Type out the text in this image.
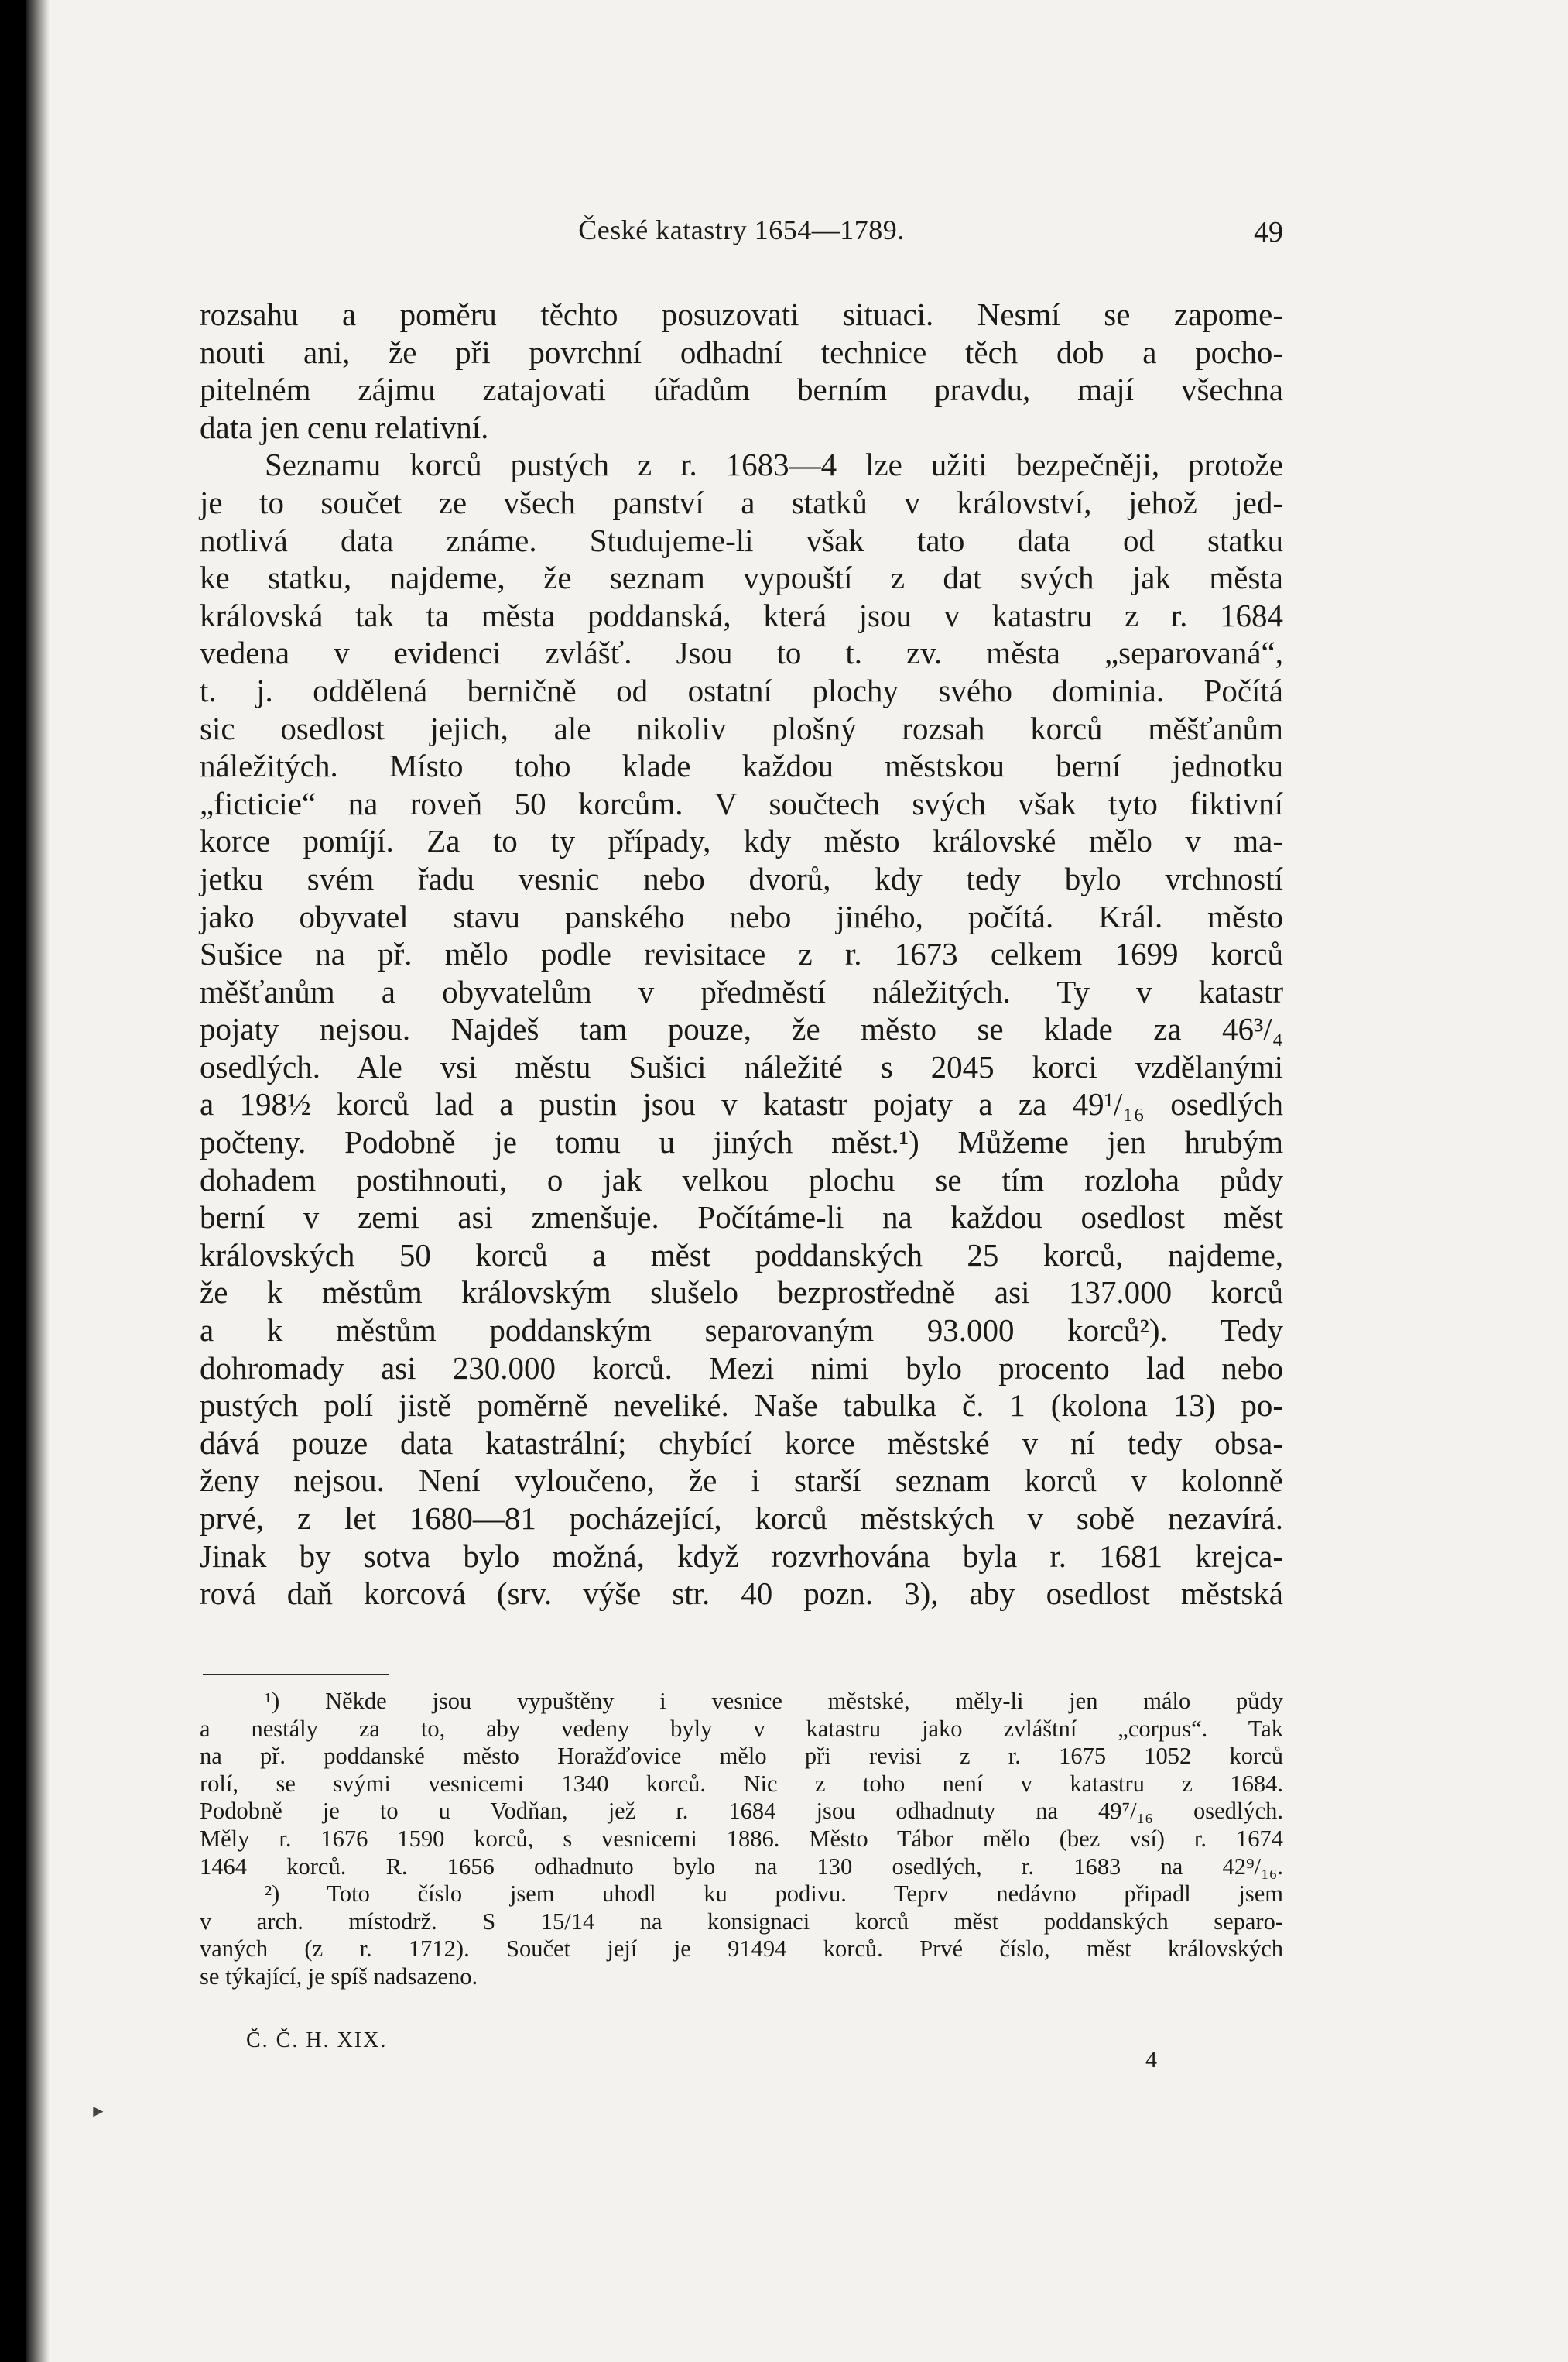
České katastry 1654—1789.	49
rozsahu a poměru těchto posuzovati situaci. Nesmí se zapome-
nouti ani, že při povrchní odhadní technice těch dob a pocho-
pitelném zájmu zatajovati úřadům berním pravdu, mají všechna
data jen cenu relativní.
Seznamu korců pustých z r. 1683—4 lze užiti bezpečněji, protože
je to součet ze všech panství a statků v království, jehož jed-
notlivá data známe. Studujeme-li však tato data od statku
ke statku, najdeme, že seznam vypouští z dat svých jak města
královská tak ta města poddanská, která jsou v katastru z r. 1684
vedena v evidenci zvlášť. Jsou to t. zv. města „separovaná“,
t. j. oddělená berničně od ostatní plochy svého dominia. Počítá
sic osedlost jejich, ale nikoliv plošný rozsah korců měšťanům
náležitých. Místo toho klade každou městskou berní jednotku
„ficticie“ na roveň 50 korcům. V součtech svých však tyto fiktivní
korce pomíjí. Za to ty případy, kdy město královské mělo v ma-
jetku svém řadu vesnic nebo dvorů, kdy tedy bylo vrchností
jako obyvatel stavu panského nebo jiného, počítá. Král. město
Sušice na př. mělo podle revisitace z r. 1673 celkem 1699 korců
měšťanům a obyvatelům v předměstí náležitých. Ty v katastr
pojaty nejsou. Najdeš tam pouze, že město se klade za 46³/₄
osedlých. Ale vsi městu Sušici náležité s 2045 korci vzdělanými
a 198½ korců lad a pustin jsou v katastr pojaty a za 49¹/₁₆ osedlých
počteny. Podobně je tomu u jiných měst.¹) Můžeme jen hrubým
dohadem postihnouti, o jak velkou plochu se tím rozloha půdy
berní v zemi asi zmenšuje. Počítáme-li na každou osedlost měst
královských 50 korců a měst poddanských 25 korců, najdeme,
že k městům královským slušelo bezprostředně asi 137.000 korců
a k městům poddanským separovaným 93.000 korců²). Tedy
dohromady asi 230.000 korců. Mezi nimi bylo procento lad nebo
pustých polí jistě poměrně neveliké. Naše tabulka č. 1 (kolona 13) po-
dává pouze data katastrální; chybící korce městské v ní tedy obsa-
ženy nejsou. Není vyloučeno, že i starší seznam korců v kolonně
prvé, z let 1680—81 pocházející, korců městských v sobě nezavírá.
Jinak by sotva bylo možná, když rozvrhována byla r. 1681 krejca-
rová daň korcová (srv. výše str. 40 pozn. 3), aby osedlost městská
¹) Někde jsou vypuštěny i vesnice městské, měly-li jen málo půdy
a nestály za to, aby vedeny byly v katastru jako zvláštní „corpus“. Tak
na př. poddanské město Horažďovice mělo při revisi z r. 1675 1052 korců
rolí, se svými vesnicemi 1340 korců. Nic z toho není v katastru z 1684.
Podobně je to u Vodňan, jež r. 1684 jsou odhadnuty na 49⁷/₁₆ osedlých.
Měly r. 1676 1590 korců, s vesnicemi 1886. Město Tábor mělo (bez vsí) r. 1674
1464 korců. R. 1656 odhadnuto bylo na 130 osedlých, r. 1683 na 42⁹/₁₆.
²) Toto číslo jsem uhodl ku podivu. Teprv nedávno připadl jsem
v arch. místodrž. S 15/14 na konsignaci korců měst poddanských separo-
vaných (z r. 1712). Součet její je 91494 korců. Prvé číslo, měst královských
se týkající, je spíš nadsazeno.
Č. Č. H. XIX.
4
►
